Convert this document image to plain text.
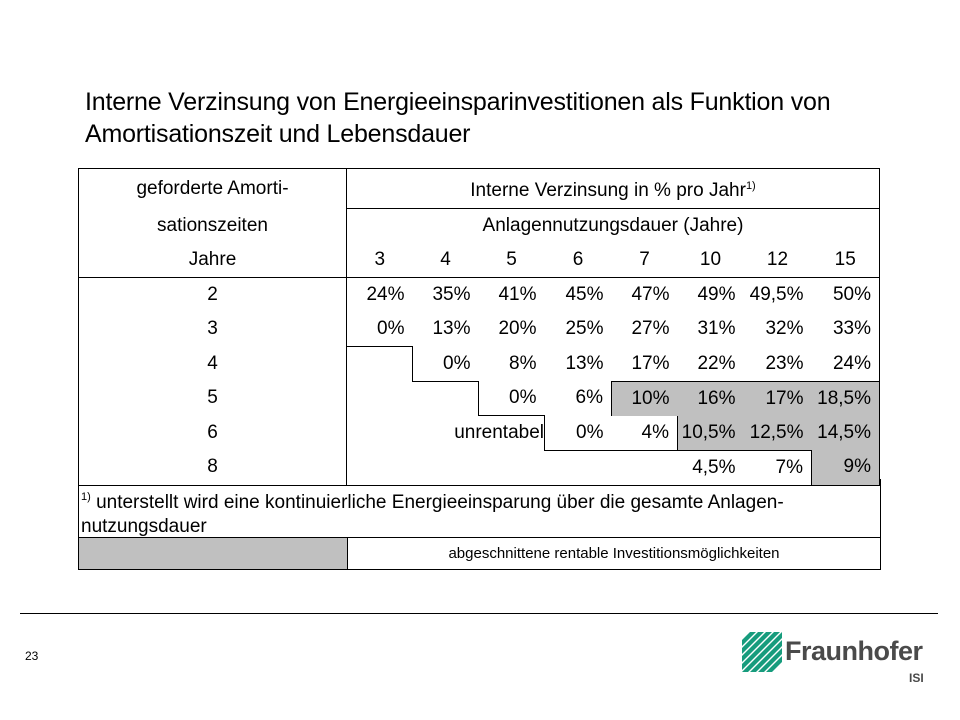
Interne Verzinsung von Energieeinsparinvestitionen als Funktion von
Amortisationszeit und Lebensdauer
geforderte Amorti-	Interne Verzinsung in % pro Jahr$^{1)}$
sationszeiten	Anlagennutzungsdauer (Jahre)							
Jahre	3	4	5	6	7	10	12	15
2	24%	35%	41%	45%	47%	49%	49,5%	50%
3	0%	13%	20%	25%	27%	31%	32%	33%
4		0%	8%	13%	17%	22%	23%	24%
5			0%	6%	10%	16%	17%	18,5%
6	unrentabel			0%	4%	10,5%	12,5%	14,5%
8						4,5%	7%	9%

$^{1)}$ unterstellt wird eine kontinuierliche Energieeinsparung über die gesamte Anlagen-nutzungsdauer
abgeschnittene rentable Investitionsmöglichkeiten
23	Fraunhofer
ISI
